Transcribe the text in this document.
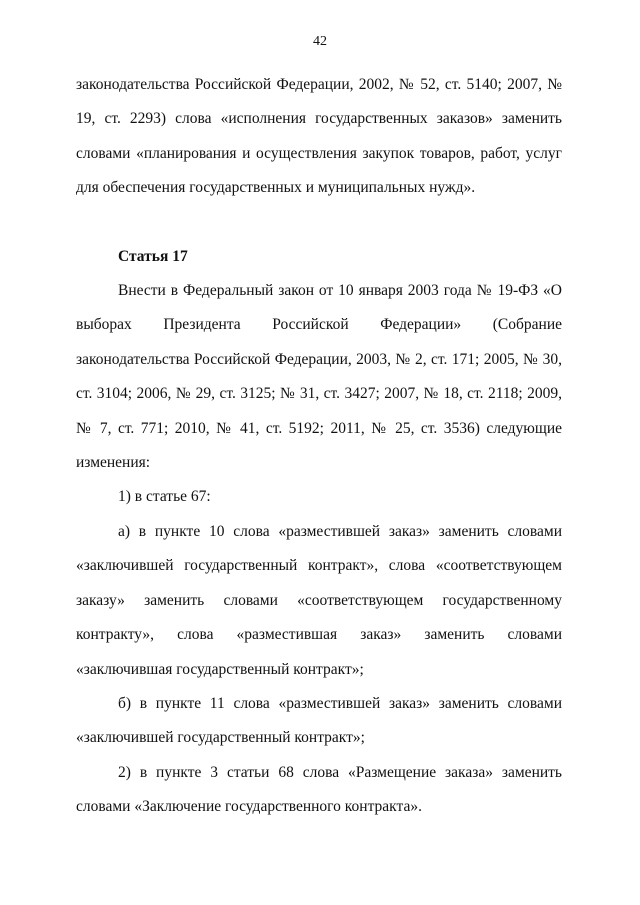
42

законодательства Российской Федерации, 2002, № 52, ст. 5140; 2007, № 19, ст. 2293) слова «исполнения государственных заказов» заменить словами «планирования и осуществления закупок товаров, работ, услуг для обеспечения государственных и муниципальных нужд».

Статья 17

Внести в Федеральный закон от 10 января 2003 года № 19-ФЗ «О выборах Президента Российской Федерации» (Собрание законодательства Российской Федерации, 2003, № 2, ст. 171; 2005, № 30, ст. 3104; 2006, № 29, ст. 3125; № 31, ст. 3427; 2007, № 18, ст. 2118; 2009, № 7, ст. 771; 2010, № 41, ст. 5192; 2011, № 25, ст. 3536) следующие изменения:

1) в статье 67:

а) в пункте 10 слова «разместившей заказ» заменить словами «заключившей государственный контракт», слова «соответствующем заказу» заменить словами «соответствующем государственному контракту», слова «разместившая заказ» заменить словами «заключившая государственный контракт»;

б) в пункте 11 слова «разместившей заказ» заменить словами «заключившей государственный контракт»;

2) в пункте 3 статьи 68 слова «Размещение заказа» заменить словами «Заключение государственного контракта».
